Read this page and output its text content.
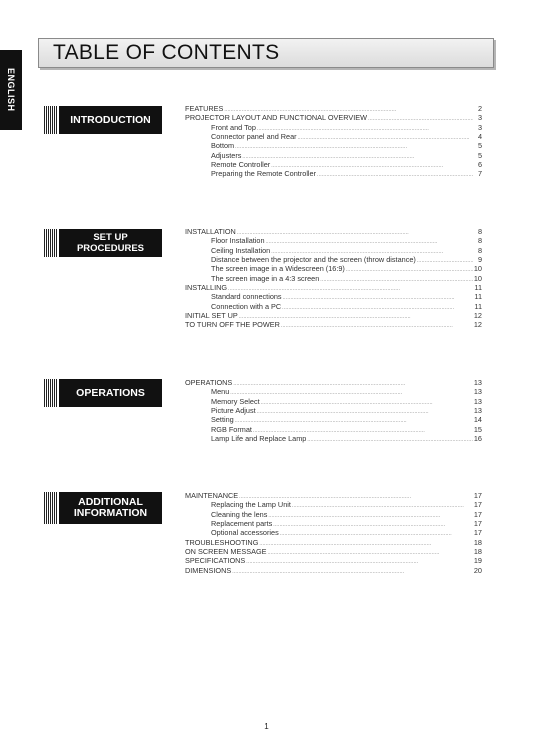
ENGLISH
TABLE OF CONTENTS
INTRODUCTION
FEATURES . . .	2
PROJECTOR LAYOUT AND FUNCTIONAL OVERVIEW . . .	3
Front and Top . . .	3
Connector panel and Rear . . .	4
Bottom . . .	5
Adjusters . . .	5
Remote Controller . . .	6
Preparing the Remote Controller . . .	7
SET UP PROCEDURES
INSTALLATION . . .	8
Floor Installation . . .	8
Ceiling Installation . . .	8
Distance between the projector and the screen (throw distance) . . .	9
The screen image in a Widescreen (16:9) . . .	10
The screen image in a 4:3 screen . . .	10
INSTALLING . . .	11
Standard connections . . .	11
Connection with a PC . . .	11
INITIAL SET UP . . .	12
TO TURN OFF THE POWER . . .	12
OPERATIONS
OPERATIONS . . .	13
Menu . . .	13
Memory Select . . .	13
Picture Adjust . . .	13
Setting . . .	14
RGB Format . . .	15
Lamp Life and Replace Lamp . . .	16
ADDITIONAL INFORMATION
MAINTENANCE . . .	17
Replacing the Lamp Unit . . .	17
Cleaning the lens . . .	17
Replacement parts . . .	17
Optional accessories . . .	17
TROUBLESHOOTING . . .	18
ON SCREEN MESSAGE . . .	18
SPECIFICATIONS . . .	19
DIMENSIONS . . .	20
1
